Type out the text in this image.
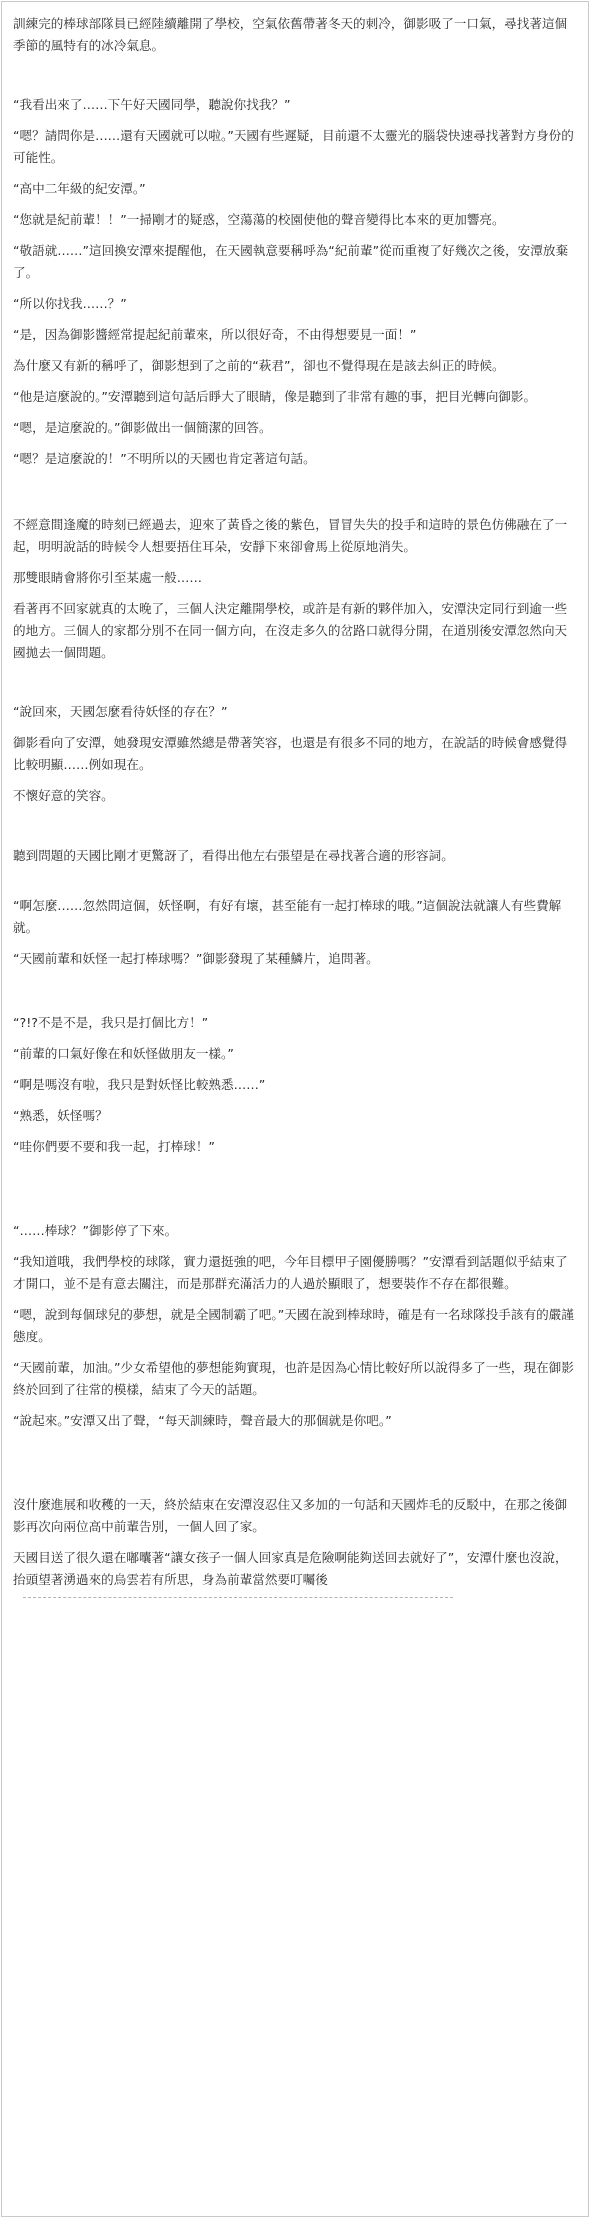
訓練完的棒球部隊員已經陸續離開了學校，空氣依舊帶著冬天的刺冷，御影吸了一口氣，尋找著這個季節的風特有的冰冷氣息。

“我看出來了……下午好天國同學，聽說你找我？”

“嗯？請問你是……還有天國就可以啦。”天國有些遲疑，目前還不太靈光的腦袋快速尋找著對方身份的可能性。

“高中二年級的紀安潭。”

“您就是紀前輩！！”一掃剛才的疑惑，空蕩蕩的校園使他的聲音變得比本來的更加響亮。

“敬語就……”這回換安潭來提醒他，在天國執意要稱呼為“紀前輩”從而重複了好幾次之後，安潭放棄了。

“所以你找我……？”

“是，因為御影醬經常提起紀前輩來，所以很好奇，不由得想要見一面！”

為什麼又有新的稱呼了，御影想到了之前的“萩君”，卻也不覺得現在是該去糾正的時候。

“他是這麼說的。”安潭聽到這句話后睜大了眼睛，像是聽到了非常有趣的事，把目光轉向御影。

“嗯，是這麼說的。”御影做出一個簡潔的回答。

“嗯？是這麼說的！”不明所以的天國也肯定著這句話。

不經意間逢魔的時刻已經過去，迎來了黃昏之後的紫色，冒冒失失的投手和這時的景色仿佛融在了一起，明明說話的時候令人想要捂住耳朵，安靜下來卻會馬上從原地消失。

那雙眼睛會將你引至某處一般……

看著再不回家就真的太晚了，三個人決定離開學校，或許是有新的夥伴加入，安潭決定同行到逾一些的地方。三個人的家都分別不在同一個方向，在沒走多久的岔路口就得分開，在道別後安潭忽然向天國拋去一個問題。

“說回來，天國怎麼看待妖怪的存在？”

御影看向了安潭，她發現安潭雖然總是帶著笑容，也還是有很多不同的地方，在說話的時候會感覺得比較明顯……例如現在。

不懷好意的笑容。

聽到問題的天國比剛才更驚訝了，看得出他左右張望是在尋找著合適的形容詞。

“啊怎麼……忽然問這個，妖怪啊，有好有壞，甚至能有一起打棒球的哦。”這個說法就讓人有些費解就。

“天國前輩和妖怪一起打棒球嗎？”御影發現了某種鱗片，追問著。

“?!?不是不是，我只是打個比方！”

“前輩的口氣好像在和妖怪做朋友一樣。”

“啊是嗎沒有啦，我只是對妖怪比較熟悉……”

“熟悉，妖怪嗎？

“哇你們要不要和我一起，打棒球！”

“……棒球？”御影停了下來。

“我知道哦，我們學校的球隊，實力還挺強的吧，今年目標甲子園優勝嗎？”安潭看到話題似乎結束了才開口，並不是有意去關注，而是那群充滿活力的人過於顯眼了，想要裝作不存在都很難。

“嗯，說到每個球兒的夢想，就是全國制霸了吧。”天國在說到棒球時，確是有一名球隊投手該有的嚴謹態度。

“天國前輩，加油。”少女希望他的夢想能夠實現，也許是因為心情比較好所以說得多了一些，現在御影終於回到了往常的模樣，結束了今天的話題。

“說起來。”安潭又出了聲，“每天訓練時，聲音最大的那個就是你吧。”

沒什麼進展和收穫的一天，終於結束在安潭沒忍住又多加的一句話和天國炸毛的反駁中，在那之後御影再次向兩位高中前輩告別，一個人回了家。

天國目送了很久還在嘟囔著“讓女孩子一個人回家真是危險啊能夠送回去就好了”，安潭什麼也沒說，抬頭望著湧過來的烏雲若有所思，身為前輩當然要叮囑後
